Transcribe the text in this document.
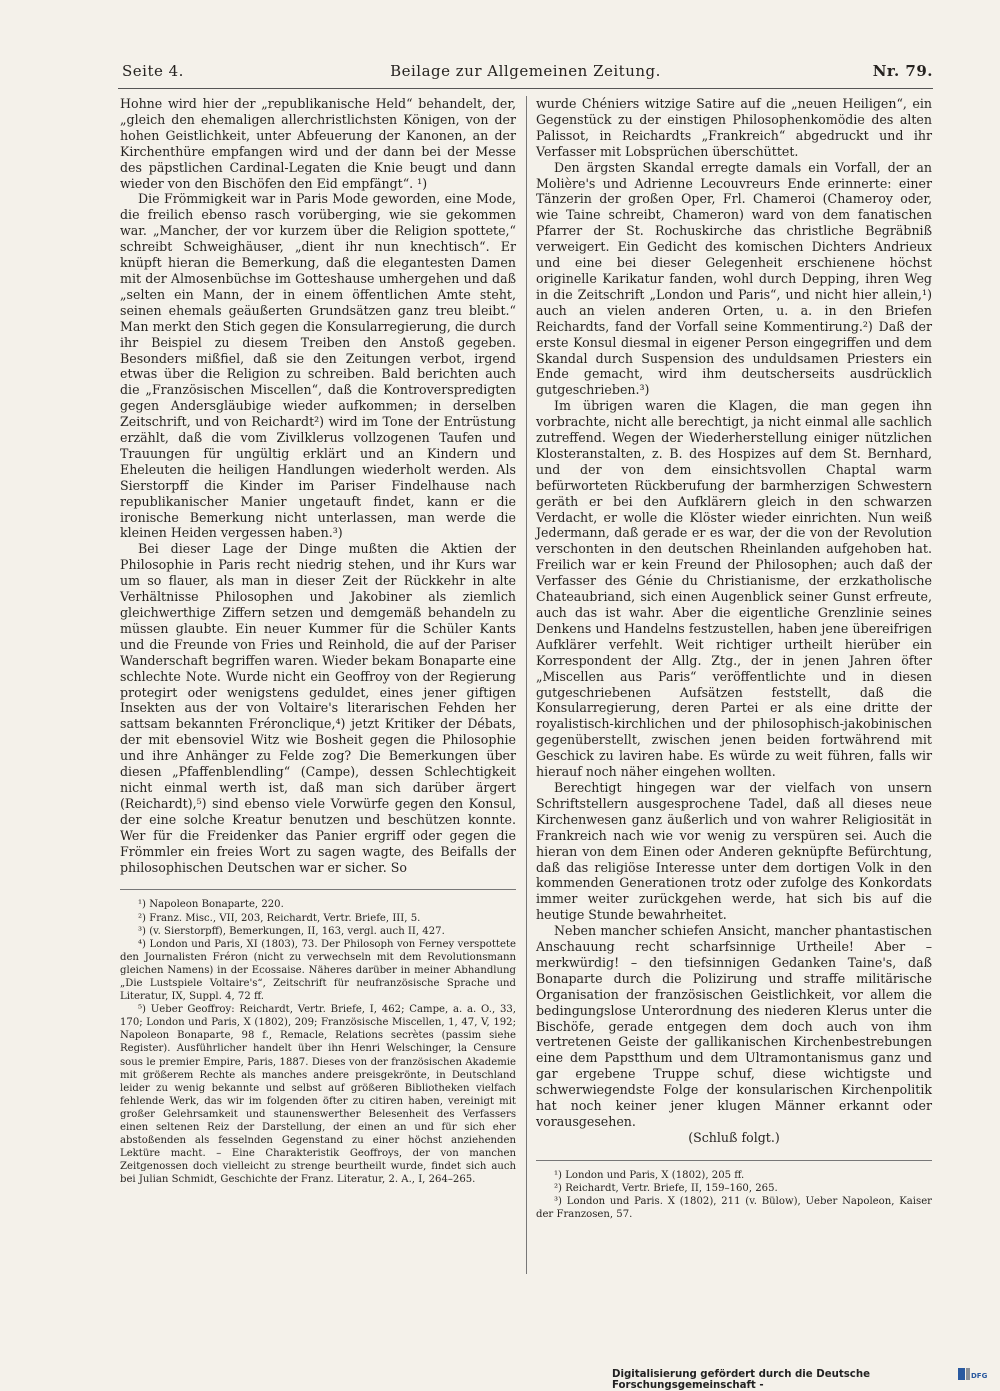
Seite 4.	Beilage zur Allgemeinen Zeitung.	Nr. 79.

Hohne wird hier der „republikanische Held“ behandelt, der, „gleich den ehemaligen allerchristlichsten Königen, von der hohen Geistlichkeit, unter Abfeuerung der Kanonen, an der Kirchenthüre empfangen wird und der dann bei der Messe des päpstlichen Cardinal-Legaten die Knie beugt und dann wieder von den Bischöfen den Eid empfängt“. ¹)

Die Frömmigkeit war in Paris Mode geworden, eine Mode, die freilich ebenso rasch vorüberging, wie sie gekommen war. „Mancher, der vor kurzem über die Religion spottete,“ schreibt Schweighäuser, „dient ihr nun knechtisch“. Er knüpft hieran die Bemerkung, daß die elegantesten Damen mit der Almosenbüchse im Gotteshause umhergehen und daß „selten ein Mann, der in einem öffentlichen Amte steht, seinen ehemals geäußerten Grundsätzen ganz treu bleibt.“ Man merkt den Stich gegen die Konsularregierung, die durch ihr Beispiel zu diesem Treiben den Anstoß gegeben. Besonders mißfiel, daß sie den Zeitungen verbot, irgend etwas über die Religion zu schreiben. Bald berichten auch die „Französischen Miscellen“, daß die Kontroverspredigten gegen Andersgläubige wieder aufkommen; in derselben Zeitschrift, und von Reichardt²) wird im Tone der Entrüstung erzählt, daß die vom Zivilklerus vollzogenen Taufen und Trauungen für ungültig erklärt und an Kindern und Eheleuten die heiligen Handlungen wiederholt werden. Als Sierstorpff die Kinder im Pariser Findelhause nach republikanischer Manier ungetauft findet, kann er die ironische Bemerkung nicht unterlassen, man werde die kleinen Heiden vergessen haben.³)

Bei dieser Lage der Dinge mußten die Aktien der Philosophie in Paris recht niedrig stehen, und ihr Kurs war um so flauer, als man in dieser Zeit der Rückkehr in alte Verhältnisse Philosophen und Jakobiner als ziemlich gleichwerthige Ziffern setzen und demgemäß behandeln zu müssen glaubte. Ein neuer Kummer für die Schüler Kants und die Freunde von Fries und Reinhold, die auf der Pariser Wanderschaft begriffen waren. Wieder bekam Bonaparte eine schlechte Note. Wurde nicht ein Geoffroy von der Regierung protegirt oder wenigstens geduldet, eines jener giftigen Insekten aus der von Voltaire's literarischen Fehden her sattsam bekannten Fréronclique,⁴) jetzt Kritiker der Débats, der mit ebensoviel Witz wie Bosheit gegen die Philosophie und ihre Anhänger zu Felde zog? Die Bemerkungen über diesen „Pfaffenblendling“ (Campe), dessen Schlechtigkeit nicht einmal werth ist, daß man sich darüber ärgert (Reichardt),⁵) sind ebenso viele Vorwürfe gegen den Konsul, der eine solche Kreatur benutzen und beschützen konnte. Wer für die Freidenker das Panier ergriff oder gegen die Frömmler ein freies Wort zu sagen wagte, des Beifalls der philosophischen Deutschen war er sicher. So

¹) Napoleon Bonaparte, 220.

²) Franz. Misc., VII, 203, Reichardt, Vertr. Briefe, III, 5.

³) (v. Sierstorpff), Bemerkungen, II, 163, vergl. auch II, 427.

⁴) London und Paris, XI (1803), 73. Der Philosoph von Ferney verspottete den Journalisten Fréron (nicht zu verwechseln mit dem Revolutionsmann gleichen Namens) in der Ecossaise. Näheres darüber in meiner Abhandlung „Die Lustspiele Voltaire's“, Zeitschrift für neufranzösische Sprache und Literatur, IX, Suppl. 4, 72 ff.

⁵) Ueber Geoffroy: Reichardt, Vertr. Briefe, I, 462; Campe, a. a. O., 33, 170; London und Paris, X (1802), 209; Französische Miscellen, 1, 47, V, 192; Napoleon Bonaparte, 98 f., Remacle, Relations secrètes (passim siehe Register). Ausführlicher handelt über ihn Henri Welschinger, la Censure sous le premier Empire, Paris, 1887. Dieses von der französischen Akademie mit größerem Rechte als manches andere preisgekrönte, in Deutschland leider zu wenig bekannte und selbst auf größeren Bibliotheken vielfach fehlende Werk, das wir im folgenden öfter zu citiren haben, vereinigt mit großer Gelehrsamkeit und staunenswerther Belesenheit des Verfassers einen seltenen Reiz der Darstellung, der einen an und für sich eher abstoßenden als fesselnden Gegenstand zu einer höchst anziehenden Lektüre macht. – Eine Charakteristik Geoffroys, der von manchen Zeitgenossen doch vielleicht zu strenge beurtheilt wurde, findet sich auch bei Julian Schmidt, Geschichte der Franz. Literatur, 2. A., I, 264–265.

wurde Chéniers witzige Satire auf die „neuen Heiligen“, ein Gegenstück zu der einstigen Philosophenkomödie des alten Palissot, in Reichardts „Frankreich“ abgedruckt und ihr Verfasser mit Lobsprüchen überschüttet.

Den ärgsten Skandal erregte damals ein Vorfall, der an Molière's und Adrienne Lecouvreurs Ende erinnerte: einer Tänzerin der großen Oper, Frl. Chameroi (Chameroy oder, wie Taine schreibt, Chameron) ward von dem fanatischen Pfarrer der St. Rochuskirche das christliche Begräbniß verweigert. Ein Gedicht des komischen Dichters Andrieux und eine bei dieser Gelegenheit erschienene höchst originelle Karikatur fanden, wohl durch Depping, ihren Weg in die Zeitschrift „London und Paris“, und nicht hier allein,¹) auch an vielen anderen Orten, u. a. in den Briefen Reichardts, fand der Vorfall seine Kommentirung.²) Daß der erste Konsul diesmal in eigener Person eingegriffen und dem Skandal durch Suspension des unduldsamen Priesters ein Ende gemacht, wird ihm deutscherseits ausdrücklich gutgeschrieben.³)

Im übrigen waren die Klagen, die man gegen ihn vorbrachte, nicht alle berechtigt, ja nicht einmal alle sachlich zutreffend. Wegen der Wiederherstellung einiger nützlichen Klosteranstalten, z. B. des Hospizes auf dem St. Bernhard, und der von dem einsichtsvollen Chaptal warm befürworteten Rückberufung der barmherzigen Schwestern geräth er bei den Aufklärern gleich in den schwarzen Verdacht, er wolle die Klöster wieder einrichten. Nun weiß Jedermann, daß gerade er es war, der die von der Revolution verschonten in den deutschen Rheinlanden aufgehoben hat. Freilich war er kein Freund der Philosophen; auch daß der Verfasser des Génie du Christianisme, der erzkatholische Chateaubriand, sich einen Augenblick seiner Gunst erfreute, auch das ist wahr. Aber die eigentliche Grenzlinie seines Denkens und Handelns festzustellen, haben jene übereifrigen Aufklärer verfehlt. Weit richtiger urtheilt hierüber ein Korrespondent der Allg. Ztg., der in jenen Jahren öfter „Miscellen aus Paris“ veröffentlichte und in diesen gutgeschriebenen Aufsätzen feststellt, daß die Konsularregierung, deren Partei er als eine dritte der royalistisch-kirchlichen und der philosophisch-jakobinischen gegenüberstellt, zwischen jenen beiden fortwährend mit Geschick zu laviren habe. Es würde zu weit führen, falls wir hierauf noch näher eingehen wollten.

Berechtigt hingegen war der vielfach von unsern Schriftstellern ausgesprochene Tadel, daß all dieses neue Kirchenwesen ganz äußerlich und von wahrer Religiosität in Frankreich nach wie vor wenig zu verspüren sei. Auch die hieran von dem Einen oder Anderen geknüpfte Befürchtung, daß das religiöse Interesse unter dem dortigen Volk in den kommenden Generationen trotz oder zufolge des Konkordats immer weiter zurückgehen werde, hat sich bis auf die heutige Stunde bewahrheitet.

Neben mancher schiefen Ansicht, mancher phantastischen Anschauung recht scharfsinnige Urtheile! Aber – merkwürdig! – den tiefsinnigen Gedanken Taine's, daß Bonaparte durch die Polizirung und straffe militärische Organisation der französischen Geistlichkeit, vor allem die bedingungslose Unterordnung des niederen Klerus unter die Bischöfe, gerade entgegen dem doch auch von ihm vertretenen Geiste der gallikanischen Kirchenbestrebungen eine dem Papstthum und dem Ultramontanismus ganz und gar ergebene Truppe schuf, diese wichtigste und schwerwiegendste Folge der konsularischen Kirchenpolitik hat noch keiner jener klugen Männer erkannt oder vorausgesehen.

(Schluß folgt.)

¹) London und Paris, X (1802), 205 ff.

²) Reichardt, Vertr. Briefe, II, 159–160, 265.

³) London und Paris. X (1802), 211 (v. Bülow), Ueber Napoleon, Kaiser der Franzosen, 57.

Digitalisierung gefördert durch die Deutsche Forschungsgemeinschaft -
DFG
